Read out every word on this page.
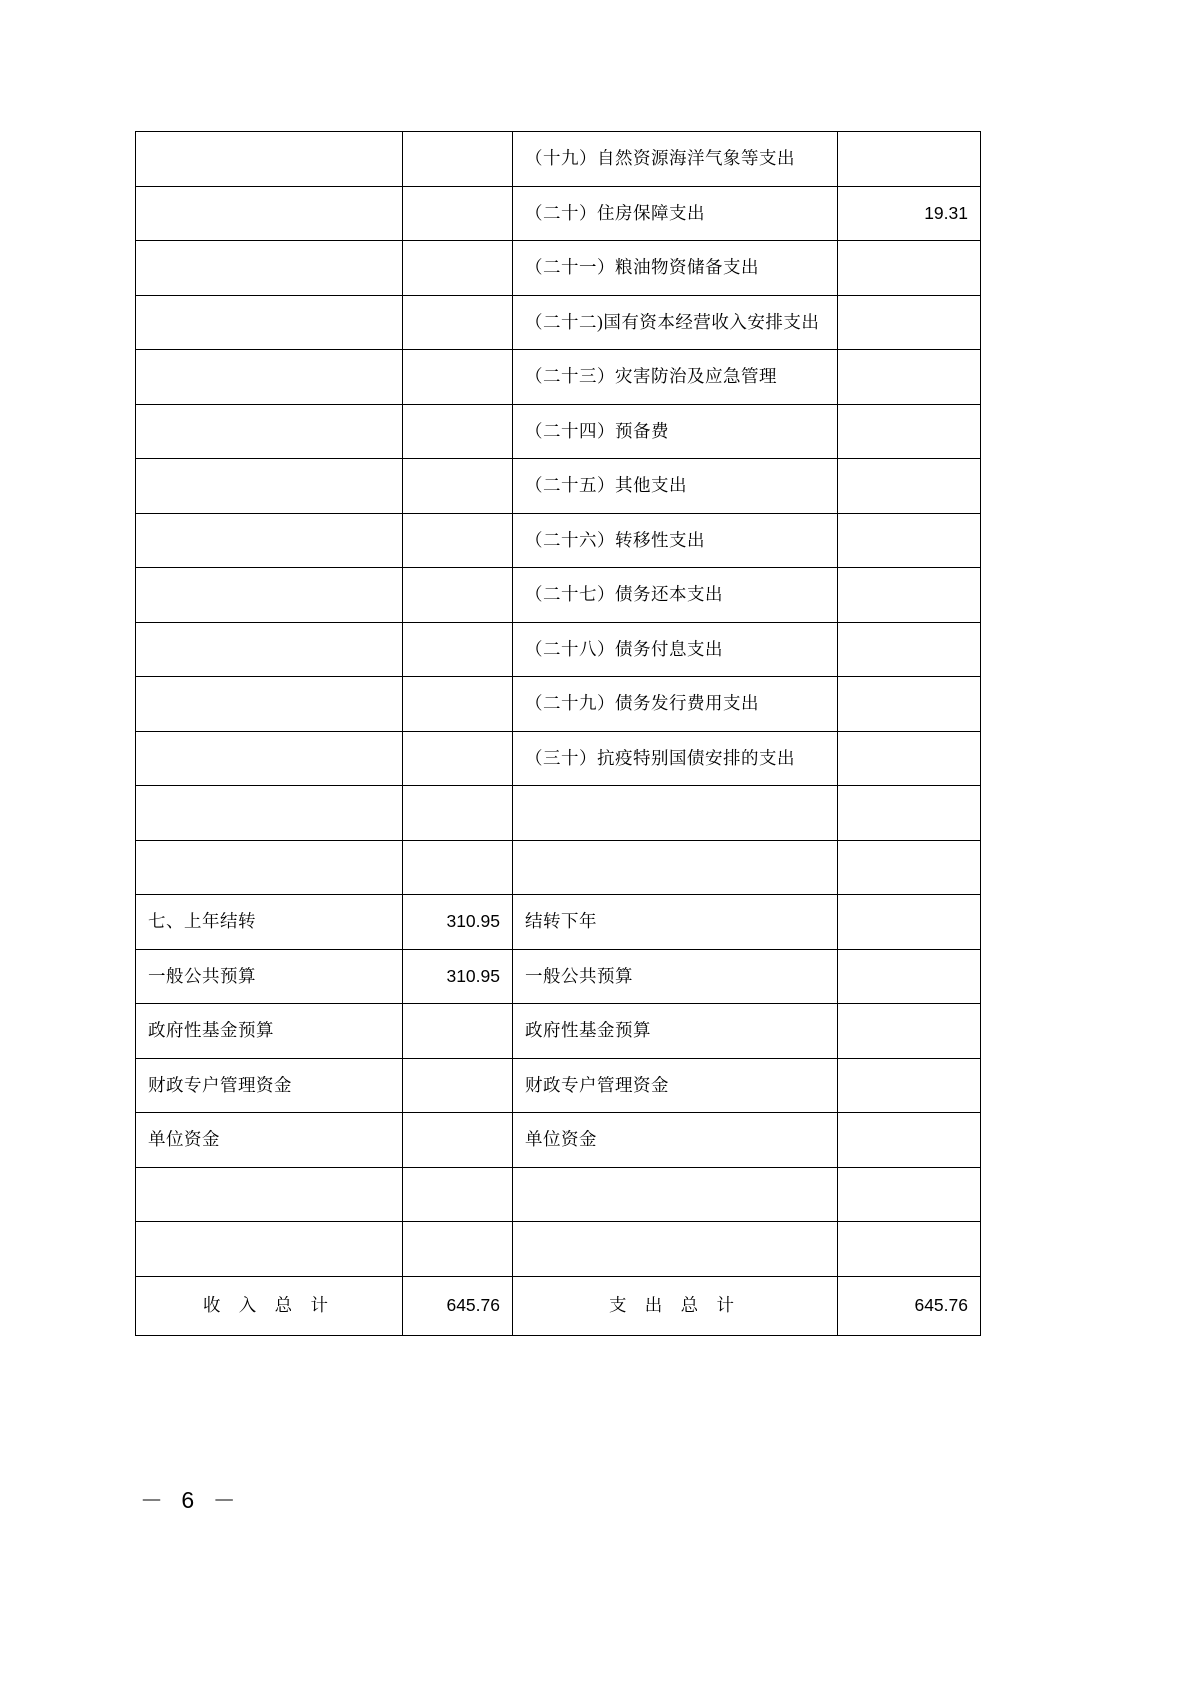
		（十九）自然资源海洋气象等支出	
		（二十）住房保障支出	19.31
		（二十一）粮油物资储备支出	
		（二十二)国有资本经营收入安排支出	
		（二十三）灾害防治及应急管理	
		（二十四）预备费	
		（二十五）其他支出	
		（二十六）转移性支出	
		（二十七）债务还本支出	
		（二十八）债务付息支出	
		（二十九）债务发行费用支出	
		（三十）抗疫特别国债安排的支出	

七、上年结转	310.95	结转下年	
一般公共预算	310.95	一般公共预算	
政府性基金预算		政府性基金预算	
财政专户管理资金		财政专户管理资金	
单位资金		单位资金	

收 入 总 计	645.76	支 出 总 计	645.76
－ 6 －
